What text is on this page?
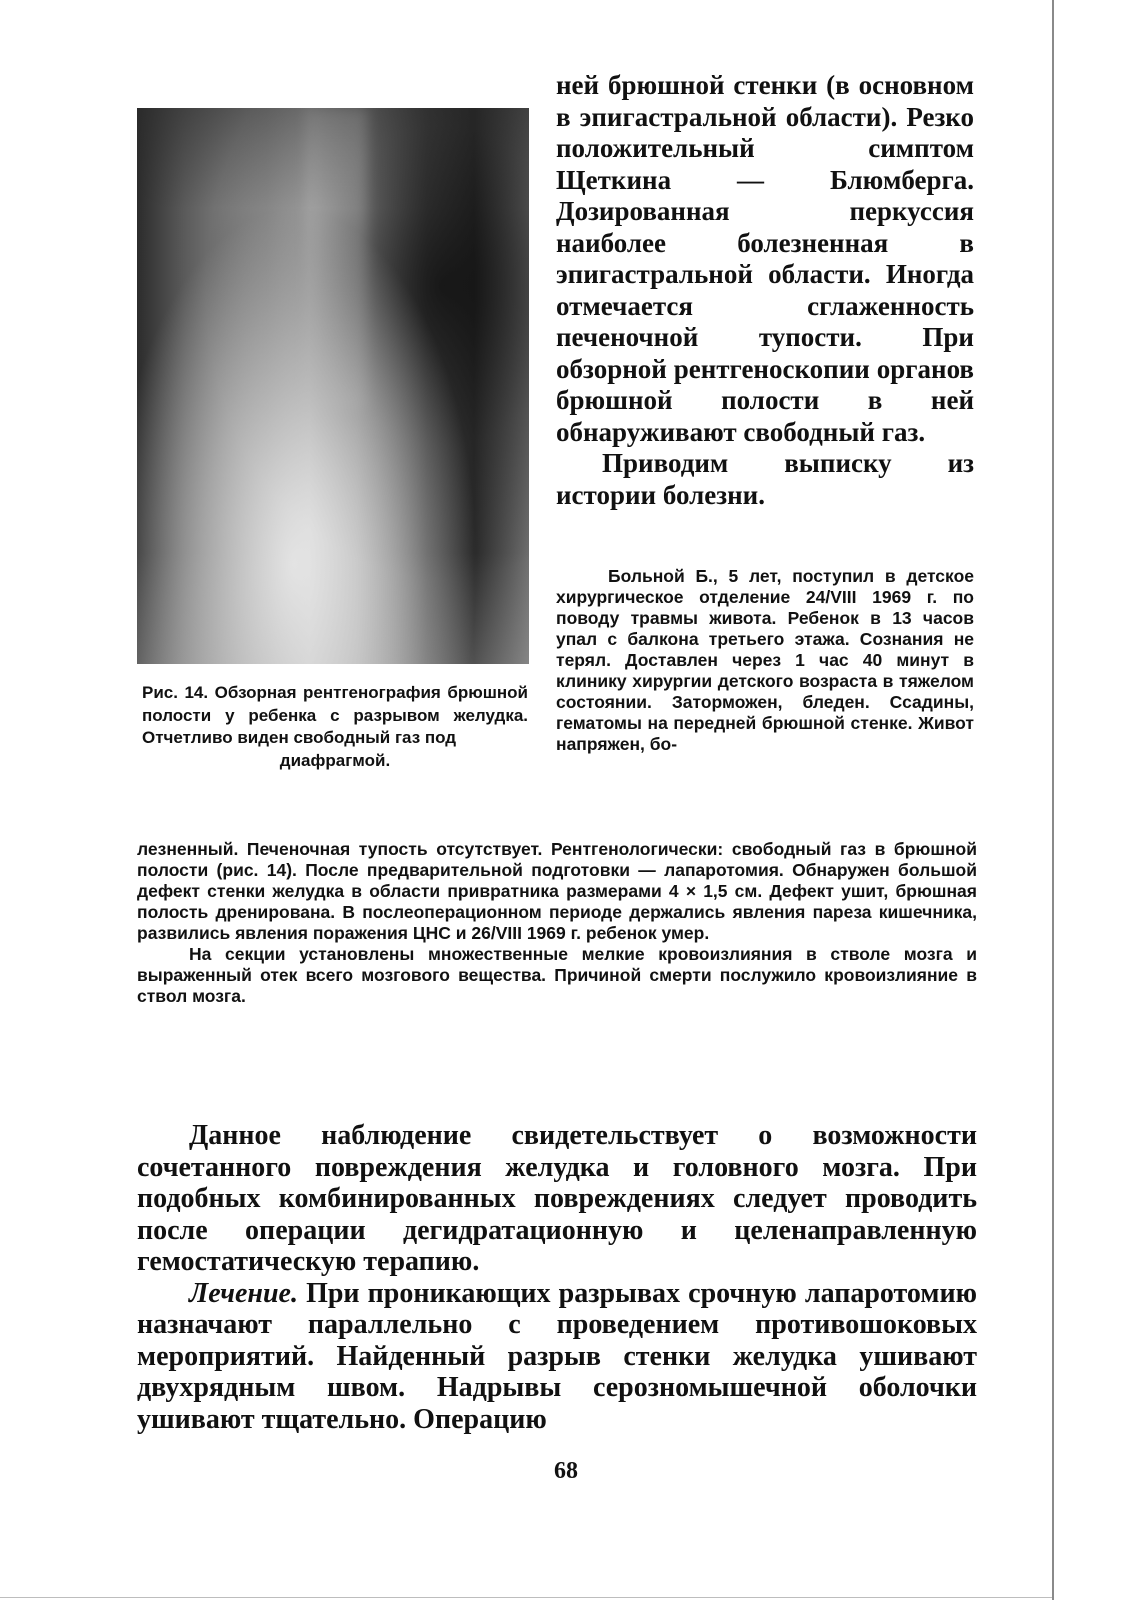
Рис. 14. Обзорная рентгенография брюшной полости у ребенка с разрывом желудка. Отчетливо виден свободный газ под
диафрагмой.

ней брюшной стенки (в основном в эпигастральной области). Резко положительный симптом Щеткина — Блюмберга. Дозированная перкуссия наиболее болезненная в эпигастральной области. Иногда отмечается сглаженность печеночной тупости. При обзорной рентгеноскопии органов брюшной полости в ней обнаруживают свободный газ.

Приводим выписку из истории болезни.

Больной Б., 5 лет, поступил в детское хирургическое отделение 24/VIII 1969 г. по поводу травмы живота. Ребенок в 13 часов упал с балкона третьего этажа. Сознания не терял. Доставлен через 1 час 40 минут в клинику хирургии детского возраста в тяжелом состоянии. Заторможен, бледен. Ссадины, гематомы на передней брюшной стенке. Живот напряжен, бо-

лезненный. Печеночная тупость отсутствует. Рентгенологически: свободный газ в брюшной полости (рис. 14). После предварительной подготовки — лапаротомия. Обнаружен большой дефект стенки желудка в области привратника размерами 4 × 1,5 см. Дефект ушит, брюшная полость дренирована. В послеоперационном периоде держались явления пареза кишечника, развились явления поражения ЦНС и 26/VIII 1969 г. ребенок умер.

На секции установлены множественные мелкие кровоизлияния в стволе мозга и выраженный отек всего мозгового вещества. Причиной смерти послужило кровоизлияние в ствол мозга.

Данное наблюдение свидетельствует о возможности сочетанного повреждения желудка и головного мозга. При подобных комбинированных повреждениях следует проводить после операции дегидратационную и целенаправленную гемостатическую терапию.

Лечение. При проникающих разрывах срочную лапаротомию назначают параллельно с проведением противошоковых мероприятий. Найденный разрыв стенки желудка ушивают двухрядным швом. Надрывы серозномышечной оболочки ушивают тщательно. Операцию

68
